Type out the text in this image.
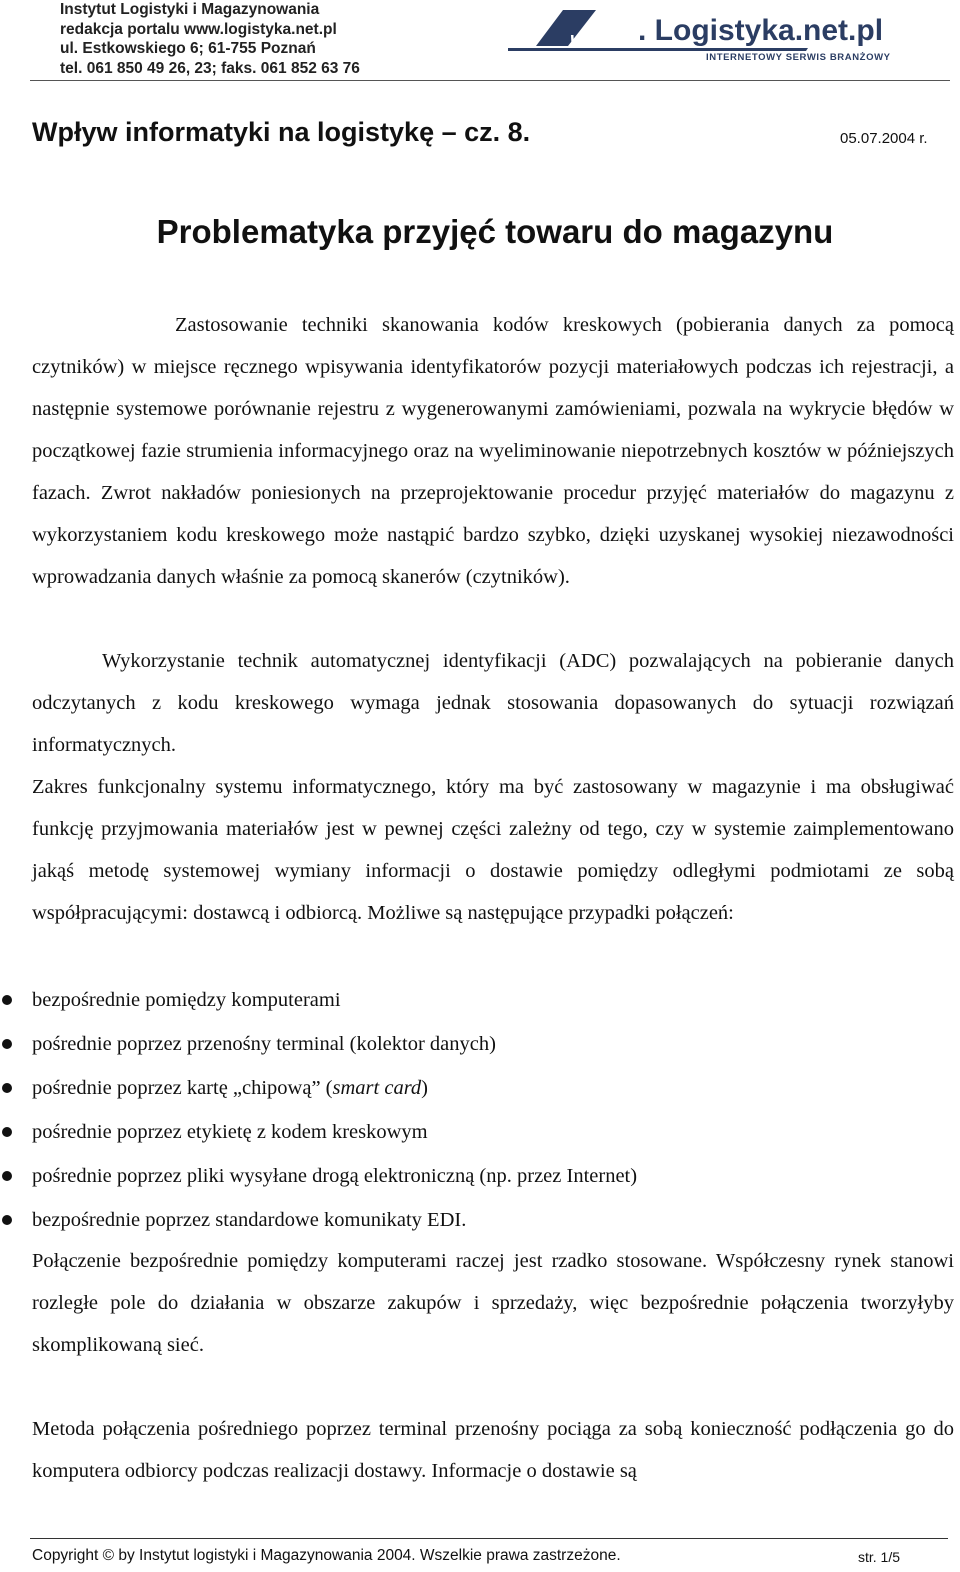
Instytut Logistyki i Magazynowania
redakcja portalu www.logistyka.net.pl
ul. Estkowskiego 6; 61-755 Poznań
tel. 061 850 49 26, 23; faks. 061 852 63 76
www . Logistyka.net.pl
INTERNETOWY SERWIS BRANŻOWY
Wpływ informatyki na logistykę – cz. 8.	05.07.2004 r.
Problematyka przyjęć towaru do magazynu

Zastosowanie techniki skanowania kodów kreskowych (pobierania danych za pomocą czytników) w miejsce ręcznego wpisywania identyfikatorów pozycji materiałowych podczas ich rejestracji, a następnie systemowe porównanie rejestru z wygenerowanymi zamówieniami, pozwala na wykrycie błędów w początkowej fazie strumienia informacyjnego oraz na wyeliminowanie niepotrzebnych kosztów w późniejszych fazach. Zwrot nakładów poniesionych na przeprojektowanie procedur przyjęć materiałów do magazynu z wykorzystaniem kodu kreskowego może nastąpić bardzo szybko, dzięki uzyskanej wysokiej niezawodności wprowadzania danych właśnie za pomocą skanerów (czytników).

Wykorzystanie technik automatycznej identyfikacji (ADC) pozwalających na pobieranie danych odczytanych z kodu kreskowego wymaga jednak stosowania dopasowanych do sytuacji rozwiązań informatycznych.

Zakres funkcjonalny systemu informatycznego, który ma być zastosowany w magazynie i ma obsługiwać funkcję przyjmowania materiałów jest w pewnej części zależny od tego, czy w systemie zaimplementowano jakąś metodę systemowej wymiany informacji o dostawie pomiędzy odległymi podmiotami ze sobą współpracującymi: dostawcą i odbiorcą. Możliwe są następujące przypadki połączeń:

bezpośrednie pomiędzy komputerami
pośrednie poprzez przenośny terminal (kolektor danych)
pośrednie poprzez kartę „chipową” (smart card)
pośrednie poprzez etykietę z kodem kreskowym
pośrednie poprzez pliki wysyłane drogą elektroniczną (np. przez Internet)
bezpośrednie poprzez standardowe komunikaty EDI.

Połączenie bezpośrednie pomiędzy komputerami raczej jest rzadko stosowane. Współczesny rynek stanowi rozległe pole do działania w obszarze zakupów i sprzedaży, więc bezpośrednie połączenia tworzyłyby skomplikowaną sieć.

Metoda połączenia pośredniego poprzez terminal przenośny pociąga za sobą konieczność podłączenia go do komputera odbiorcy podczas realizacji dostawy. Informacje o dostawie są

Copyright © by Instytut logistyki i Magazynowania 2004. Wszelkie prawa zastrzeżone.	str. 1/5
